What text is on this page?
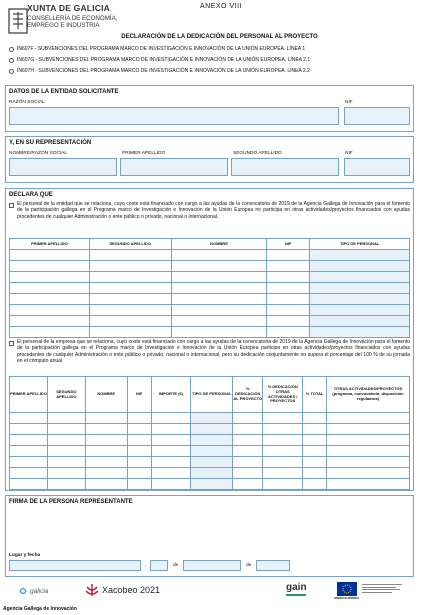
XUNTA DE GALICIA
CONSELLERÍA DE ECONOMÍA,
EMPREGO E INDUSTRIA
ANEXO VIII
DECLARACIÓN DE LA DEDICACIÓN DEL PERSONAL AL PROYECTO
IN607F - SUBVENCIONES DEL PROGRAMA MARCO DE INVESTIGACIÓN E INNOVACIÓN DE LA UNIÓN EUROPEA. LÍNEA 1
IN607G - SUBVENCIONES DEL PROGRAMA MARCO DE INVESTIGACIÓN E INNOVACIÓN DE LA UNIÓN EUROPEA. LÍNEA 2.1
IN607H - SUBVENCIONES DEL PROGRAMA MARCO DE INVESTIGACIÓN E INNOVACIÓN DE LA UNIÓN EUROPEA. LÍNEA 2.2
DATOS DE LA ENTIDAD SOLICITANTE
RAZÓN SOCIAL	NIF
Y, EN SU REPRESENTACIÓN
NOMBRE/RAZÓN SOCIAL	PRIMER APELLIDO	SEGUNDO APELLIDO	NIF
DECLARA QUE
El personal de la entidad que se relaciona, cuyo coste está financiado con cargo a las ayudas de la convocatoria de 2019 de la Agencia Gallega de Innovación para el fomento de la participación gallega en el Programa marco de Investigación e Innovación de la Unión Europea no participa en otras actividades/proyectos financiados con ayudas procedentes de cualquier Administración o ente público o privado, nacional o internacional.
PRIMER APELLIDO	SEGUNDO APELLIDO	NOMBRE	NIF	TIPO DE PERSONAL

El personal de la empresa que se relaciona, cuyo coste está financiado con cargo a las ayudas de la convocatoria de 2019 de la Agencia Gallega de Innovación para el fomento de la participación gallega en el Programa marco de Investigación e Innovación de la Unión Europea participa en otras actividades/proyectos financiados con ayudas procedentes de cualquier Administración o ente público o privado, nacional o internacional, pero su dedicación conjuntamente no supera el porcentaje del 100 % de su jornada en el cómputo anual.
PRIMER APELLIDO	SEGUNDO APELLIDO	NOMBRE	NIF	IMPORTE (€)	TIPO DE PERSONAL	% DEDICACIÓN AL PROYECTO	% DEDICACIÓN OTRAS ACTIVIDADES / PROYECTOS	% TOTAL	OTRAS ACTIVIDADES/PROYECTOS (programa, convocatoria, disposición reguladora)

FIRMA DE LA PERSONA REPRESENTANTE
Lugar y fecha
,	de	de
galicia	Xacobeo 2021	gain
UNIÓN EUROPEA
Agencia Gallega de Innovación
